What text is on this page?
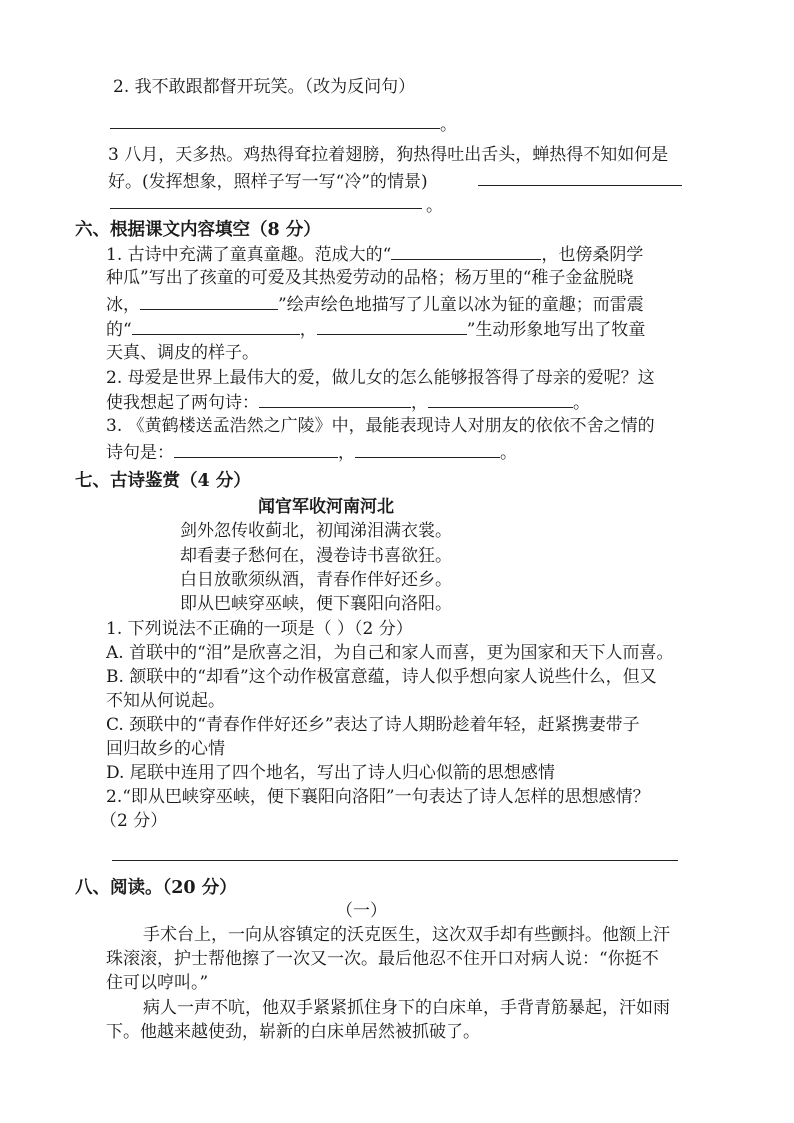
2. 我不敢跟都督开玩笑。（改为反问句）
。
3 八月，天多热。鸡热得耷拉着翅膀，狗热得吐出舌头，蝉热得不知如何是
好。(发挥想象，照样子写一写“冷”的情景)
。
六、根据课文内容填空（8 分）
1. 古诗中充满了童真童趣。范成大的“	，也傍桑阴学
种瓜”写出了孩童的可爱及其热爱劳动的品格；杨万里的“稚子金盆脱晓
冰，	”绘声绘色地描写了儿童以冰为钲的童趣；而雷震
的“	，	”生动形象地写出了牧童
天真、调皮的样子。
2. 母爱是世界上最伟大的爱，做儿女的怎么能够报答得了母亲的爱呢？这
使我想起了两句诗：	，	。
3. 《黄鹤楼送孟浩然之广陵》中，最能表现诗人对朋友的依依不舍之情的
诗句是：	，	。
七、古诗鉴赏（4 分）
闻官军收河南河北
剑外忽传收蓟北，初闻涕泪满衣裳。
却看妻子愁何在，漫卷诗书喜欲狂。
白日放歌须纵酒，青春作伴好还乡。
即从巴峡穿巫峡，便下襄阳向洛阳。
1. 下列说法不正确的一项是（ ）（2 分）
A. 首联中的“泪”是欣喜之泪，为自己和家人而喜，更为国家和天下人而喜。
B. 颔联中的“却看”这个动作极富意蕴，诗人似乎想向家人说些什么，但又
不知从何说起。
C. 颈联中的“青春作伴好还乡”表达了诗人期盼趁着年轻，赶紧携妻带子
回归故乡的心情
D. 尾联中连用了四个地名，写出了诗人归心似箭的思想感情
2.“即从巴峡穿巫峡，便下襄阳向洛阳”一句表达了诗人怎样的思想感情？
（2 分）
八、阅读。（20 分）
（一）
手术台上，一向从容镇定的沃克医生，这次双手却有些颤抖。他额上汗
珠滚滚，护士帮他擦了一次又一次。最后他忍不住开口对病人说：“你挺不
住可以哼叫。”
病人一声不吭，他双手紧紧抓住身下的白床单，手背青筋暴起，汗如雨
下。他越来越使劲，崭新的白床单居然被抓破了。
